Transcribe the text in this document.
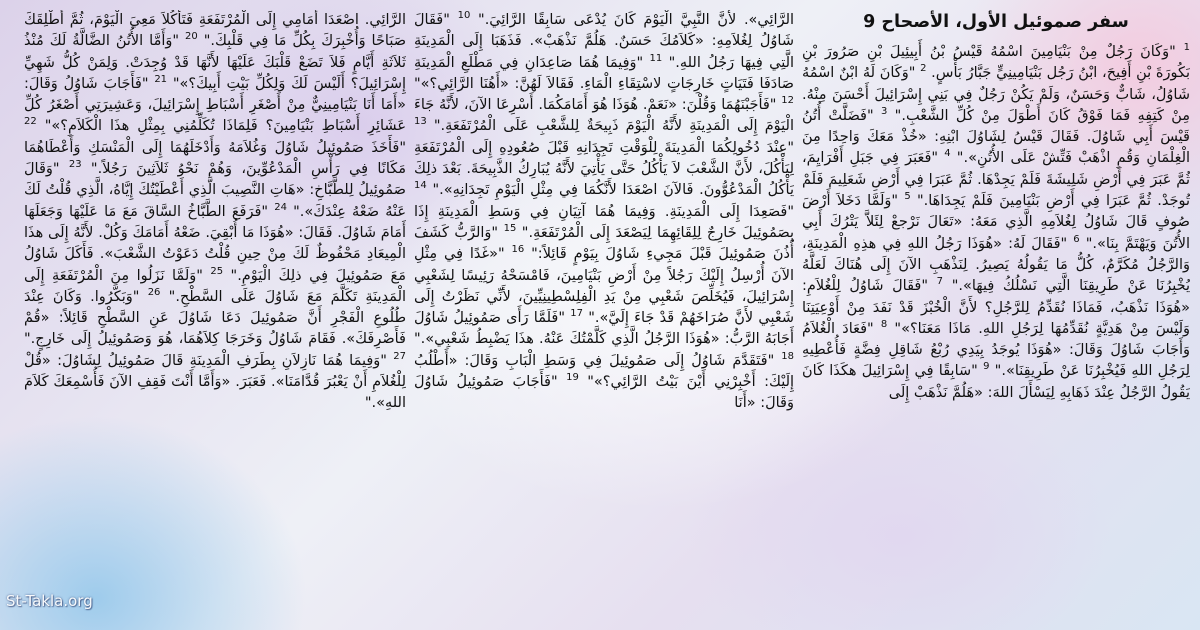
سفر صموئيل الأول، الأصحاح 9
$^1$ "وَكَانَ رَجُلٌ مِنْ بَنْيَامِينَ اسْمُهُ قَيْسُ بْنُ أَبِيئِيلَ بْنِ صَرُورَ بْنِ بَكُورَةَ بْنِ أَفِيحَ، ابْنُ رَجُل بَنْيَامِينِيٍّ جَبَّارُ بَأْسٍ. $^2$ "وَكَانَ لَهُ ابْنٌ اسْمُهُ شَاوُلُ، شَابٌّ وَحَسَنٌ، وَلَمْ يَكُنْ رَجُلٌ فِي بَنِي إِسْرَائِيلَ أَحْسَنَ مِنْهُ. مِنْ كَتِفِهِ فَمَا فَوْقُ كَانَ أَطْوَلَ مِنْ كُلِّ الشَّعْبِ." $^3$ "فَضَلَّتْ أُتُنُ قَيْسَ أَبِي شَاوُلَ. فَقَالَ قَيْسُ لِشَاوُلَ ابْنِهِ: «خُذْ مَعَكَ وَاحِدًا مِنَ الْغِلْمَانِ وَقُمِ اذْهَبْ فَتِّشْ عَلَى الأُتُنِ»." $^4$ "فَعَبَرَ فِي جَبَلِ أَفْرَايِمَ، ثُمَّ عَبَرَ فِي أَرْضِ شَلِيشَةَ فَلَمْ يَجِدْهَا. ثُمَّ عَبَرَا فِي أَرْضِ شَعَلِيمَ فَلَمْ تُوجَدْ. ثُمَّ عَبَرَا فِي أَرْضِ بَنْيَامِينَ فَلَمْ يَجِدَاهَا." $^5$ "وَلَمَّا دَخَلاَ أَرْضَ صُوفٍ قَالَ شَاوُلُ لِغُلاَمِهِ الَّذِي مَعَهُ: «تَعَالَ نَرْجعْ لِئَلاَّ يَتْرُكَ أَبِي الأُتُنَ وَيَهْتَمَّ بِنَا»." $^6$ "فَقَالَ لَهُ: «هُوَذَا رَجُلُ اللهِ فِي هذِهِ الْمَدِينَةِ، وَالرَّجُلُ مُكَرَّمٌ، كُلُّ مَا يَقُولُهُ يَصِيرُ. لِنَذْهَبِ الآنَ إِلَى هُنَاكَ لَعَلَّهُ يُخْبِرُنَا عَنْ طَرِيقِنَا الَّتِي نَسْلُكُ فِيهَا»." $^7$ "فَقَالَ شَاوُلُ لِلْغُلاَمِ: «هُوَذَا نَذْهَبُ، فَمَاذَا نُقَدِّمُ لِلرَّجُلِ؟ لأَنَّ الْخُبْزَ قَدْ نَفَدَ مِنْ أَوْعِيَتِنَا وَلَيْسَ مِنْ هَدِيَّةٍ نُقَدِّمُهَا لِرَجُلِ اللهِ. مَاذَا مَعَنَا؟»" $^8$ "فَعَادَ الْغُلاَمُ وَأَجَابَ شَاوُلَ وَقَالَ: «هُوَذَا يُوجَدُ بِيَدِي رُبْعُ شَاقِلِ فِضَّةٍ فَأُعْطِيهِ لِرَجُلِ اللهِ فَيُخْبِرُنَا عَنْ طَرِيقِنَا»." $^9$ "سَابِقًا فِي إِسْرَائِيلَ هكَذَا كَانَ يَقُولُ الرَّجُلُ عِنْدَ ذَهَابِهِ لِيَسْأَلَ اللهَ: «هَلُمَّ نَذْهَبْ إِلَى
الرَّائِي». لأَنَّ النَّبِيَّ الْيَوْمَ كَانَ يُدْعَى سَابِقًا الرَّائِيَ." $^{10}$ "فَقَالَ شَاوُلُ لِغُلاَمِهِ: «كَلاَمُكَ حَسَنٌ. هَلُمَّ نَذْهَبْ». فَذَهَبَا إِلَى الْمَدِينَةِ الَّتِي فِيهَا رَجُلُ اللهِ." $^{11}$ "وَفِيمَا هُمَا صَاعِدَانِ فِي مَطْلَعِ الْمَدِينَةِ صَادَفَا فَتَيَاتٍ خَارِجَاتٍ لاسْتِقَاءِ الْمَاءِ. فَقَالاَ لَهُنَّ: «أَهُنَا الرَّائِي؟»" $^{12}$ "فَأَجَبْنَهُمَا وَقُلْنَ: «نَعَمْ. هُوَذَا هُوَ أَمَامَكُمَا. أَسْرِعَا الآنَ، لأَنَّهُ جَاءَ الْيَوْمَ إِلَى الْمَدِينَةِ لأَنَّهُ الْيَوْمَ ذَبِيحَةٌ لِلشَّعْبِ عَلَى الْمُرْتَفَعَةِ." $^{13}$ "عِنْدَ دُخُولِكُمَا الْمَدِينَةَ لِلْوَقْتِ تَجِدَانِهِ قَبْلَ صُعُودِهِ إِلَى الْمُرْتَفَعَةِ لِيَأْكُلَ، لأَنَّ الشَّعْبَ لاَ يَأْكُلُ حَتَّى يَأْتِيَ لأَنَّهُ يُبَارِكُ الذَّبِيحَةَ. بَعْدَ ذلِكَ يَأْكُلُ الْمَدْعُوُّونَ. فَالآنَ اصْعَدَا لأَنَّكُمَا فِي مِثْلِ الْيَوْمِ تَجِدَانِهِ»." $^{14}$ "فَصَعِدَا إِلَى الْمَدِينَةِ. وَفِيمَا هُمَا آتِيَانِ فِي وَسَطِ الْمَدِينَةِ إِذَا بِصَمُوئِيلَ خَارِجٌ لِلِقَائِهِمَا لِيَصْعَدَ إِلَى الْمُرْتَفَعَةِ." $^{15}$ "وَالرَّبُّ كَشَفَ أُذُنَ صَمُوئِيلَ قَبْلَ مَجِيءِ شَاوُلَ بِيَوْمٍ قَائِلاً:" $^{16}$ "«غَدًا فِي مِثْلِ الآنَ أُرْسِلُ إِلَيْكَ رَجُلاً مِنْ أَرْضِ بَنْيَامِينَ، فَامْسَحْهُ رَئِيسًا لِشَعْبِي إِسْرَائِيلَ، فَيُخَلِّصَ شَعْبِي مِنْ يَدِ الْفِلِسْطِينِيِّينَ، لأَنِّي نَظَرْتُ إِلَى شَعْبِي لأَنَّ صُرَاخَهُمْ قَدْ جَاءَ إِلَيَّ»." $^{17}$ "فَلَمَّا رَأَى صَمُوئِيلُ شَاوُلَ أَجَابَهُ الرَّبُّ: «هُوَذَا الرَّجُلُ الَّذِي كَلَّمْتُكَ عَنْهُ. هذَا يَضْبِطُ شَعْبِي»." $^{18}$ "فَتَقَدَّمَ شَاوُلُ إِلَى صَمُوئِيلَ فِي وَسَطِ الْبَابِ وَقَالَ: «أَطْلُبُ إِلَيْكَ: أَخْبِرْنِي أَيْنَ بَيْتُ الرَّائِي؟»" $^{19}$ "فَأَجَابَ صَمُوئِيلُ شَاوُلَ وَقَالَ: «أَنَا
الرَّائِي. اصْعَدَا أَمَامِي إِلَى الْمُرْتَفَعَةِ فَتَأْكُلاَ مَعِيَ الْيَوْمَ، ثُمَّ أُطْلِقَكَ صَبَاحًا وَأُخْبِرَكَ بِكُلِّ مَا فِي قَلْبِكَ." $^{20}$ "وَأَمَّا الأُتُنُ الضَّالَّةُ لَكَ مُنْذُ ثَلاَثَةِ أَيَّامٍ فَلاَ تَضَعْ قَلْبَكَ عَلَيْهَا لأَنَّهَا قَدْ وُجِدَتْ. وَلِمَنْ كُلُّ شَهِيِّ إِسْرَائِيلَ؟ أَلَيْسَ لَكَ وَلِكُلِّ بَيْتِ أَبِيكَ؟»" $^{21}$ "فَأَجَابَ شَاوُلُ وَقَالَ: «أَمَا أَنَا بَنْيَامِينِيٌّ مِنْ أَصْغَرِ أَسْبَاطِ إِسْرَائِيلَ، وَعَشِيرَتِي أَصْغَرُ كُلِّ عَشَائِرِ أَسْبَاطِ بَنْيَامِينَ؟ فَلِمَاذَا تُكَلِّمُنِي بِمِثْلِ هذَا الْكَلاَمِ؟»" $^{22}$ "فَأَخَذَ صَمُوئِيلُ شَاوُلَ وَغُلاَمَهُ وَأَدْخَلَهُمَا إِلَى الْمَنْسَكِ وَأَعْطَاهُمَا مَكَانًا فِي رَأْسِ الْمَدْعُوِّينَ، وَهُمْ نَحْوُ ثَلاَثِينَ رَجُلاً." $^{23}$ "وَقَالَ صَمُوئِيلُ لِلطَّبَّاخِ: «هَاتِ النَّصِيبَ الَّذِي أَعْطَيْتُكَ إِيَّاهُ، الَّذِي قُلْتُ لَكَ عَنْهُ ضَعْهُ عِنْدَكَ»." $^{24}$ "فَرَفَعَ الطَّبَّاخُ السَّاقَ مَعَ مَا عَلَيْهَا وَجَعَلَهَا أَمَامَ شَاوُلَ. فَقَالَ: «هُوَذَا مَا أُبْقِيَ. ضَعْهُ أَمَامَكَ وَكُلْ. لأَنَّهُ إِلَى هذَا الْمِيعَادِ مَحْفُوظٌ لَكَ مِنْ حِينِ قُلْتُ دَعَوْتُ الشَّعْبَ». فَأَكَلَ شَاوُلُ مَعَ صَمُوئِيلَ فِي ذلِكَ الْيَوْمِ." $^{25}$ "وَلَمَّا نَزَلُوا مِنَ الْمُرْتَفَعَةِ إِلَى الْمَدِينَةِ تَكَلَّمَ مَعَ شَاوُلَ عَلَى السَّطْحِ." $^{26}$ "وَبَكَّرُوا. وَكَانَ عِنْدَ طُلُوعِ الْفَجْرِ أَنَّ صَمُوئِيلَ دَعَا شَاوُلَ عَنِ السَّطْحِ قَائِلاً: «قُمْ فَأَصْرِفَكَ». فَقَامَ شَاوُلُ وَخَرَجَا كِلاَهُمَا، هُوَ وَصَمُوئِيلُ إِلَى خَارِجٍ." $^{27}$ "وَفِيمَا هُمَا نَازِلاَنِ بِطَرَفِ الْمَدِينَةِ قَالَ صَمُوئِيلُ لِشَاوُلَ: «قُلْ لِلْغُلاَمِ أَنْ يَعْبُرَ قُدَّامَنَا». فَعَبَرَ. «وَأَمَّا أَنْتَ فَقِفِ الآنَ فَأُسْمِعَكَ كَلاَمَ اللهِ»."
St-Takla.org
